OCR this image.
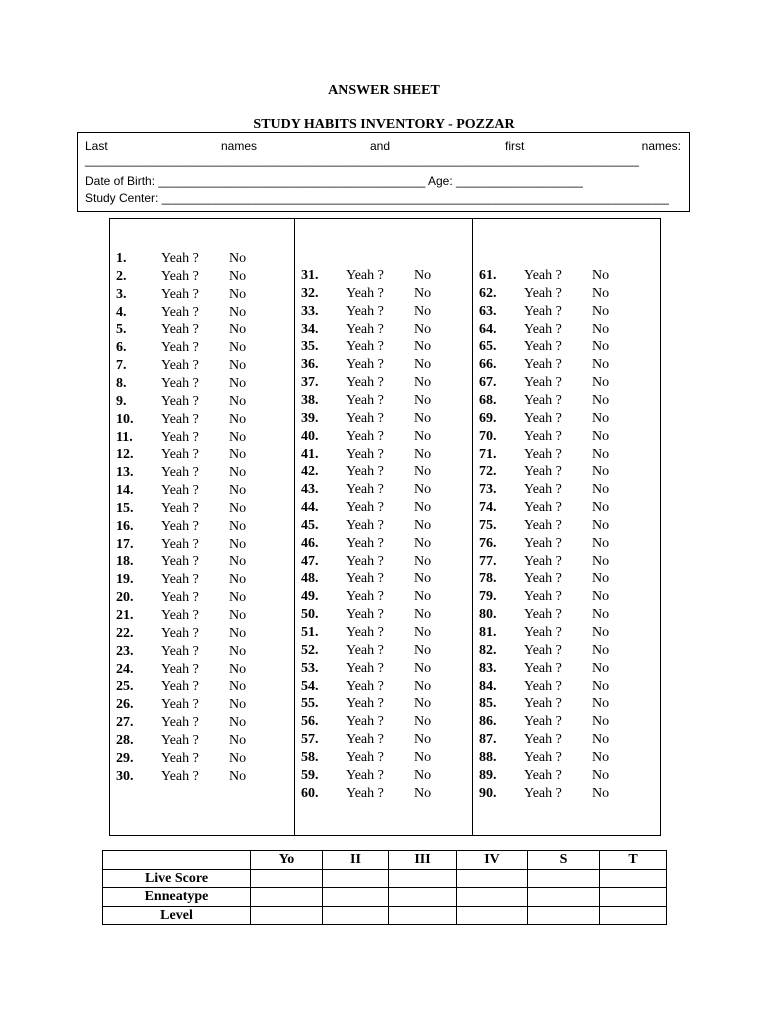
ANSWER SHEET
STUDY HABITS INVENTORY - POZZAR
Last	names	and	first	names:
___________________________________________________________________________________
Date of Birth: ________________________________________ Age: ___________________
Study Center: ____________________________________________________________________________
1. Yeah ? No
2. Yeah ? No
3. Yeah ? No
4. Yeah ? No
5. Yeah ? No
6. Yeah ? No
7. Yeah ? No
8. Yeah ? No
9. Yeah ? No
10. Yeah ? No
11. Yeah ? No
12. Yeah ? No
13. Yeah ? No
14. Yeah ? No
15. Yeah ? No
16. Yeah ? No
17. Yeah ? No
18. Yeah ? No
19. Yeah ? No
20. Yeah ? No
21. Yeah ? No
22. Yeah ? No
23. Yeah ? No
24. Yeah ? No
25. Yeah ? No
26. Yeah ? No
27. Yeah ? No
28. Yeah ? No
29. Yeah ? No
30. Yeah ? No
31. Yeah ? No
32. Yeah ? No
33. Yeah ? No
34. Yeah ? No
35. Yeah ? No
36. Yeah ? No
37. Yeah ? No
38. Yeah ? No
39. Yeah ? No
40. Yeah ? No
41. Yeah ? No
42. Yeah ? No
43. Yeah ? No
44. Yeah ? No
45. Yeah ? No
46. Yeah ? No
47. Yeah ? No
48. Yeah ? No
49. Yeah ? No
50. Yeah ? No
51. Yeah ? No
52. Yeah ? No
53. Yeah ? No
54. Yeah ? No
55. Yeah ? No
56. Yeah ? No
57. Yeah ? No
58. Yeah ? No
59. Yeah ? No
60. Yeah ? No
61. Yeah ? No
62. Yeah ? No
63. Yeah ? No
64. Yeah ? No
65. Yeah ? No
66. Yeah ? No
67. Yeah ? No
68. Yeah ? No
69. Yeah ? No
70. Yeah ? No
71. Yeah ? No
72. Yeah ? No
73. Yeah ? No
74. Yeah ? No
75. Yeah ? No
76. Yeah ? No
77. Yeah ? No
78. Yeah ? No
79. Yeah ? No
80. Yeah ? No
81. Yeah ? No
82. Yeah ? No
83. Yeah ? No
84. Yeah ? No
85. Yeah ? No
86. Yeah ? No
87. Yeah ? No
88. Yeah ? No
89. Yeah ? No
90. Yeah ? No
	Yo	II	III	IV	S	T
Live Score						
Enneatype						
Level						
